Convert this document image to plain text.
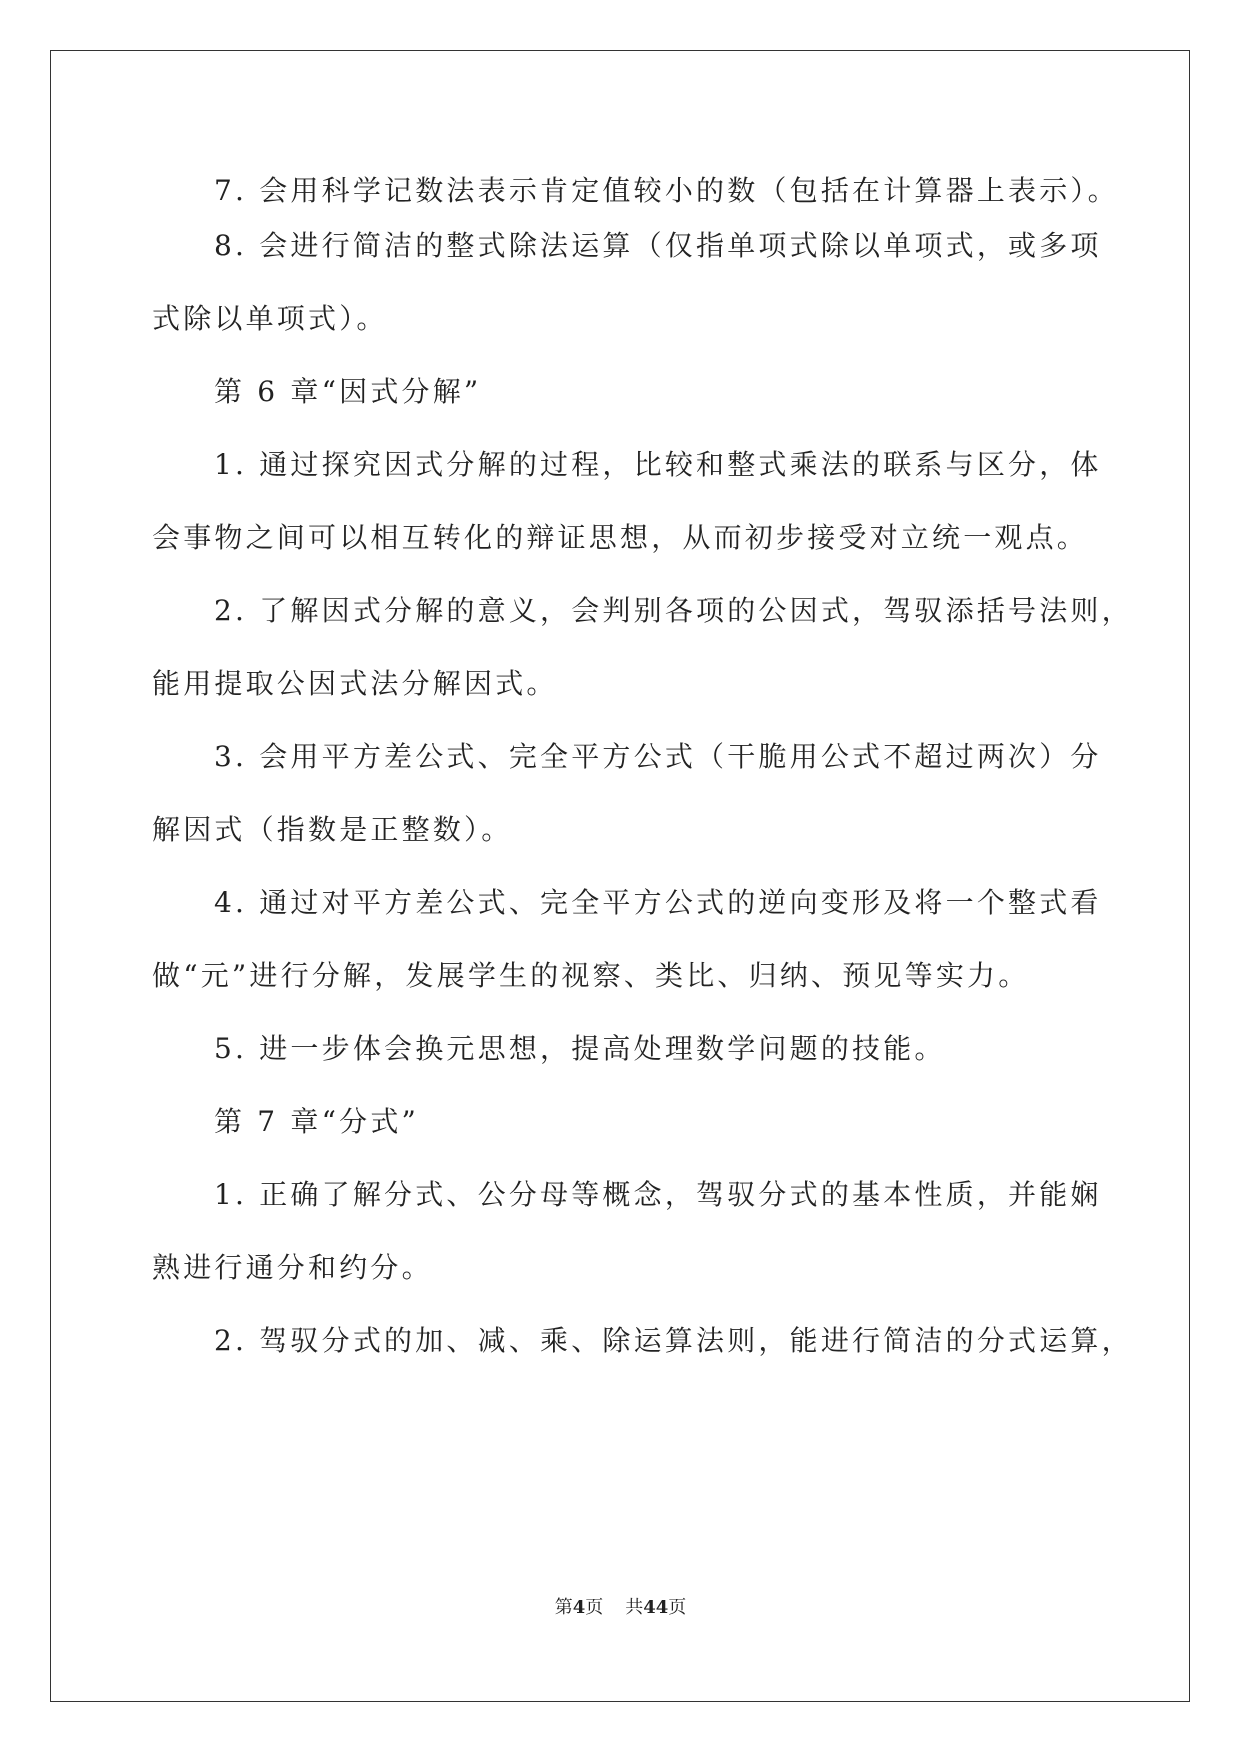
7. 会用科学记数法表示肯定值较小的数（包括在计算器上表示）。
8. 会进行简洁的整式除法运算（仅指单项式除以单项式，或多项
式除以单项式）。
第 6 章“因式分解”
1. 通过探究因式分解的过程，比较和整式乘法的联系与区分，体
会事物之间可以相互转化的辩证思想，从而初步接受对立统一观点。
2. 了解因式分解的意义，会判别各项的公因式，驾驭添括号法则，
能用提取公因式法分解因式。
3. 会用平方差公式、完全平方公式（干脆用公式不超过两次）分
解因式（指数是正整数）。
4. 通过对平方差公式、完全平方公式的逆向变形及将一个整式看
做“元”进行分解，发展学生的视察、类比、归纳、预见等实力。
5. 进一步体会换元思想，提高处理数学问题的技能。
第 7 章“分式”
1. 正确了解分式、公分母等概念，驾驭分式的基本性质，并能娴
熟进行通分和约分。
2. 驾驭分式的加、减、乘、除运算法则，能进行简洁的分式运算，
第4页 共44页
